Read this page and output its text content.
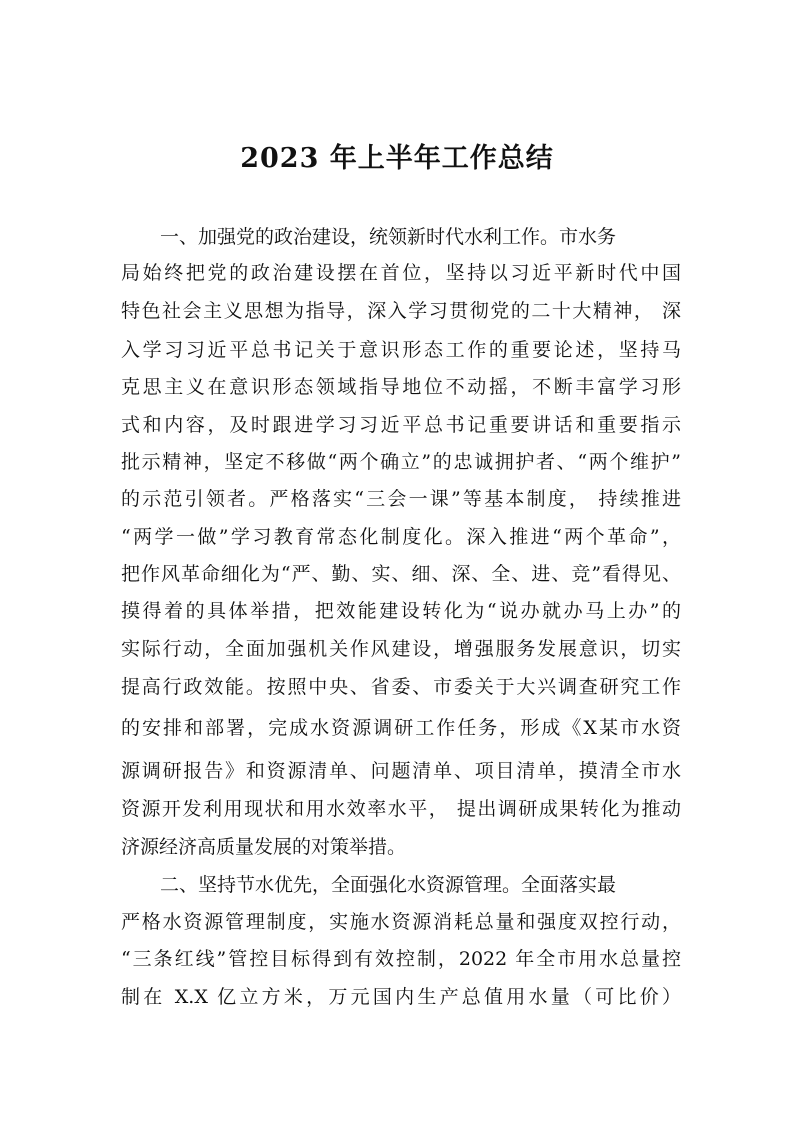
2023 年上半年工作总结

一、加强党的政治建设，统领新时代水利工作。市水务

局始终把党的政治建设摆在首位，坚持以习近平新时代中国

特色社会主义思想为指导，深入学习贯彻党的二十大精神， 深

入学习习近平总书记关于意识形态工作的重要论述，坚持马

克思主义在意识形态领域指导地位不动摇，不断丰富学习形

式和内容，及时跟进学习习近平总书记重要讲话和重要指示

批示精神，坚定不移做“两个确立”的忠诚拥护者、“两个维护”

的示范引领者。严格落实“三会一课”等基本制度， 持续推进

“两学一做”学习教育常态化制度化。深入推进“两个革命”，

把作风革命细化为“严、勤、实、细、深、全、进、竞”看得见、

摸得着的具体举措，把效能建设转化为“说办就办马上办”的

实际行动，全面加强机关作风建设，增强服务发展意识，切实

提高行政效能。按照中央、省委、市委关于大兴调查研究工作

的安排和部署，完成水资源调研工作任务，形成《X某市水资

源调研报告》和资源清单、问题清单、项目清单，摸清全市水

资源开发利用现状和用水效率水平， 提出调研成果转化为推动

济源经济高质量发展的对策举措。

二、坚持节水优先，全面强化水资源管理。全面落实最

严格水资源管理制度，实施水资源消耗总量和强度双控行动，

“三条红线”管控目标得到有效控制，2022 年全市用水总量控

制在 X.X 亿立方米，万元国内生产总值用水量（可比价）
